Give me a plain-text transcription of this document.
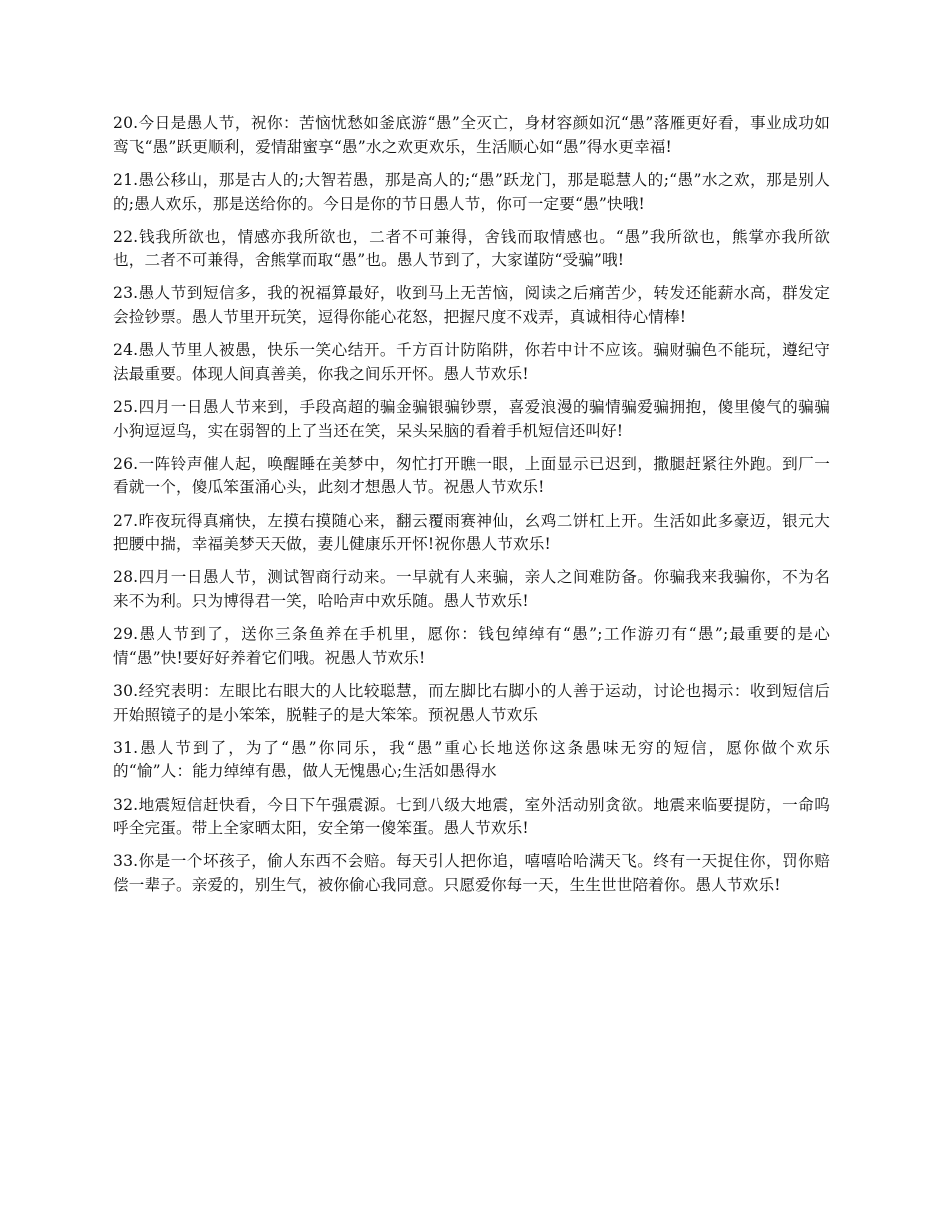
20.今日是愚人节，祝你：苦恼忧愁如釜底游“愚”全灭亡，身材容颜如沉“愚”落雁更好看，事业成功如鸾飞“愚”跃更顺利，爱情甜蜜享“愚”水之欢更欢乐，生活顺心如“愚”得水更幸福!

21.愚公移山，那是古人的;大智若愚，那是高人的;“愚”跃龙门，那是聪慧人的;“愚”水之欢，那是别人的;愚人欢乐，那是送给你的。今日是你的节日愚人节，你可一定要“愚”快哦!

22.钱我所欲也，情感亦我所欲也，二者不可兼得，舍钱而取情感也。“愚”我所欲也，熊掌亦我所欲也，二者不可兼得，舍熊掌而取“愚”也。愚人节到了，大家谨防“受骗”哦!

23.愚人节到短信多，我的祝福算最好，收到马上无苦恼，阅读之后痛苦少，转发还能薪水高，群发定会捡钞票。愚人节里开玩笑，逗得你能心花怒，把握尺度不戏弄，真诚相待心情棒!

24.愚人节里人被愚，快乐一笑心结开。千方百计防陷阱，你若中计不应该。骗财骗色不能玩，遵纪守法最重要。体现人间真善美，你我之间乐开怀。愚人节欢乐!

25.四月一日愚人节来到，手段高超的骗金骗银骗钞票，喜爱浪漫的骗情骗爱骗拥抱，傻里傻气的骗骗小狗逗逗鸟，实在弱智的上了当还在笑，呆头呆脑的看着手机短信还叫好!

26.一阵铃声催人起，唤醒睡在美梦中，匆忙打开瞧一眼，上面显示已迟到，撒腿赶紧往外跑。到厂一看就一个，傻瓜笨蛋涌心头，此刻才想愚人节。祝愚人节欢乐!

27.昨夜玩得真痛快，左摸右摸随心来，翻云覆雨赛神仙，幺鸡二饼杠上开。生活如此多豪迈，银元大把腰中揣，幸福美梦天天做，妻儿健康乐开怀!祝你愚人节欢乐!

28.四月一日愚人节，测试智商行动来。一早就有人来骗，亲人之间难防备。你骗我来我骗你，不为名来不为利。只为博得君一笑，哈哈声中欢乐随。愚人节欢乐!

29.愚人节到了，送你三条鱼养在手机里，愿你：钱包绰绰有“愚”;工作游刃有“愚”;最重要的是心情“愚”快!要好好养着它们哦。祝愚人节欢乐!

30.经究表明：左眼比右眼大的人比较聪慧，而左脚比右脚小的人善于运动，讨论也揭示：收到短信后开始照镜子的是小笨笨，脱鞋子的是大笨笨。预祝愚人节欢乐

31.愚人节到了，为了“愚”你同乐，我“愚”重心长地送你这条愚味无穷的短信，愿你做个欢乐的“愉”人：能力绰绰有愚，做人无愧愚心;生活如愚得水

32.地震短信赶快看，今日下午强震源。七到八级大地震，室外活动别贪欲。地震来临要提防，一命呜呼全完蛋。带上全家晒太阳，安全第一傻笨蛋。愚人节欢乐!

33.你是一个坏孩子，偷人东西不会赔。每天引人把你追，嘻嘻哈哈满天飞。终有一天捉住你，罚你赔偿一辈子。亲爱的，别生气，被你偷心我同意。只愿爱你每一天，生生世世陪着你。愚人节欢乐!
